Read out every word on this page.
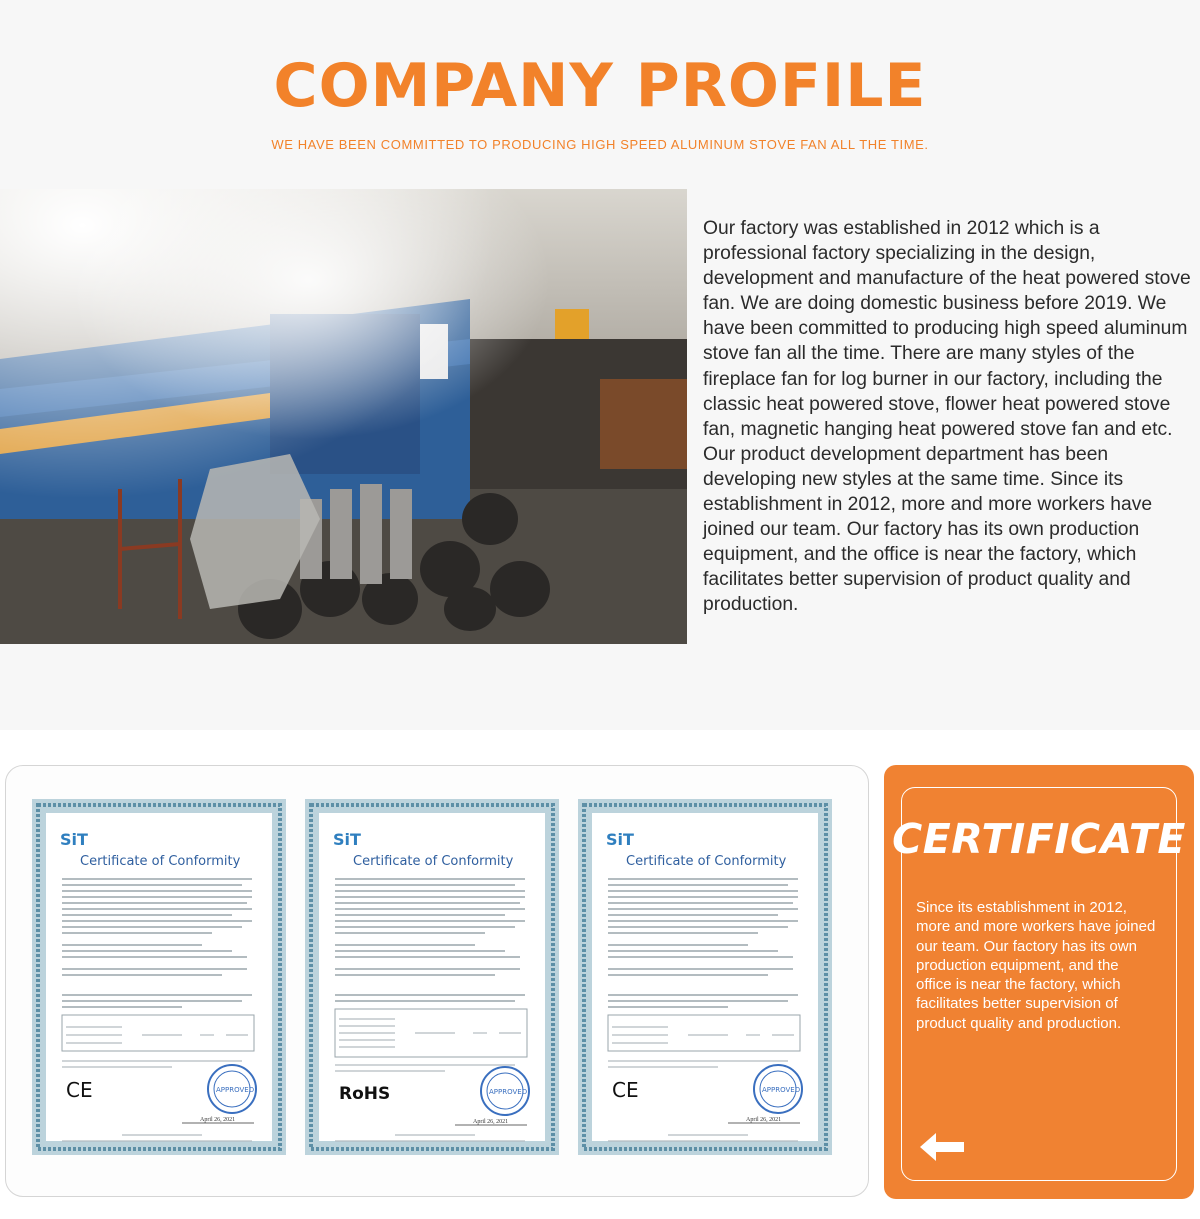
COMPANY PROFILE
WE HAVE BEEN COMMITTED TO PRODUCING HIGH SPEED ALUMINUM STOVE FAN ALL THE TIME.
Our factory was established in 2012 which is a professional factory specializing in the design, development and manufacture of the heat powered stove fan. We are doing domestic business before 2019. We have been committed to producing high speed aluminum stove fan all the time. There are many styles of the fireplace fan for log burner in our factory, including the classic heat powered stove, flower heat powered stove fan, magnetic hanging heat powered stove fan and etc. Our product development department has been developing new styles at the same time. Since its establishment in 2012, more and more workers have joined our team. Our factory has its own production equipment, and the office is near the factory, which facilitates better supervision of product quality and production.
SiT
Certificate of Conformity
CE	APPROVED
April 26, 2021
SiT
Certificate of Conformity
RoHS	APPROVED
April 26, 2021
SiT
Certificate of Conformity
CE	APPROVED
April 26, 2021
CERTIFICATE
Since its establishment in 2012, more and more workers have joined our team. Our factory has its own production equipment, and the office is near the factory, which facilitates better supervision of product quality and production.
